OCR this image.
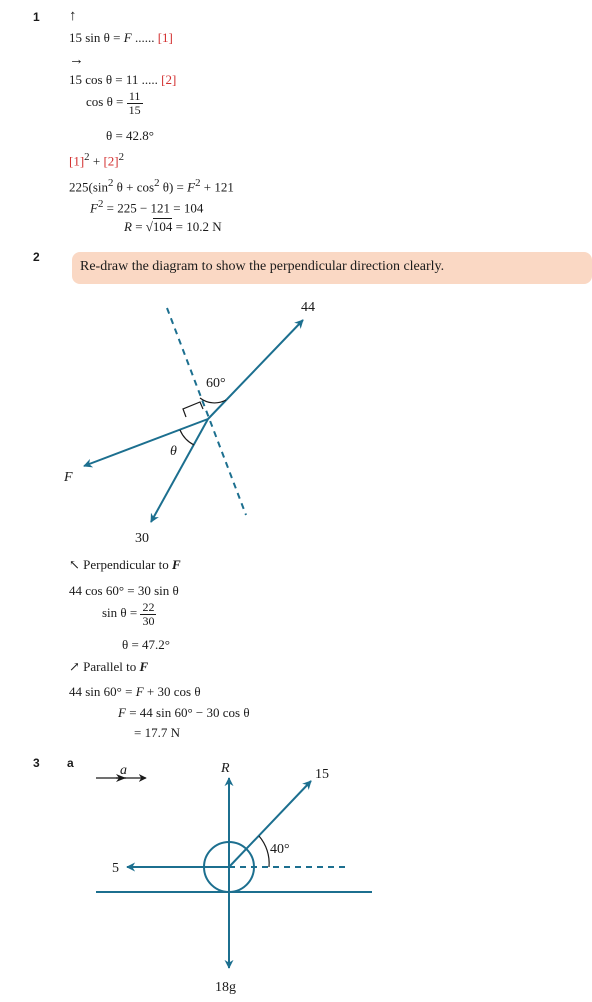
1 ↑
15 sin θ = F ...... [1]
→
15 cos θ = 11 ..... [2]
$\cos \theta = \frac{11}{15}$
θ = 42.8°
$[1]^2 + [2]^2$
$225(\sin^2$ $\theta + \cos^2 \theta) = F^2 + 121$
$F^2 = 225 - 121 = 104$
R = √104 = 10.2 N
2
Re-draw the diagram to show the perpendicular direction clearly.
44
60°
θ
F
30
a	R	15
40°
5
18g
↖ Perpendicular to F
44 cos 60° = 30 sin θ
$\sin \theta = \frac{22}{30}$
θ = 47.2°
↗ Parallel to F
44 sin 60° = F + 30 cos θ
F = 44 sin 60° − 30 cos θ
= 17.7 N
3 a
